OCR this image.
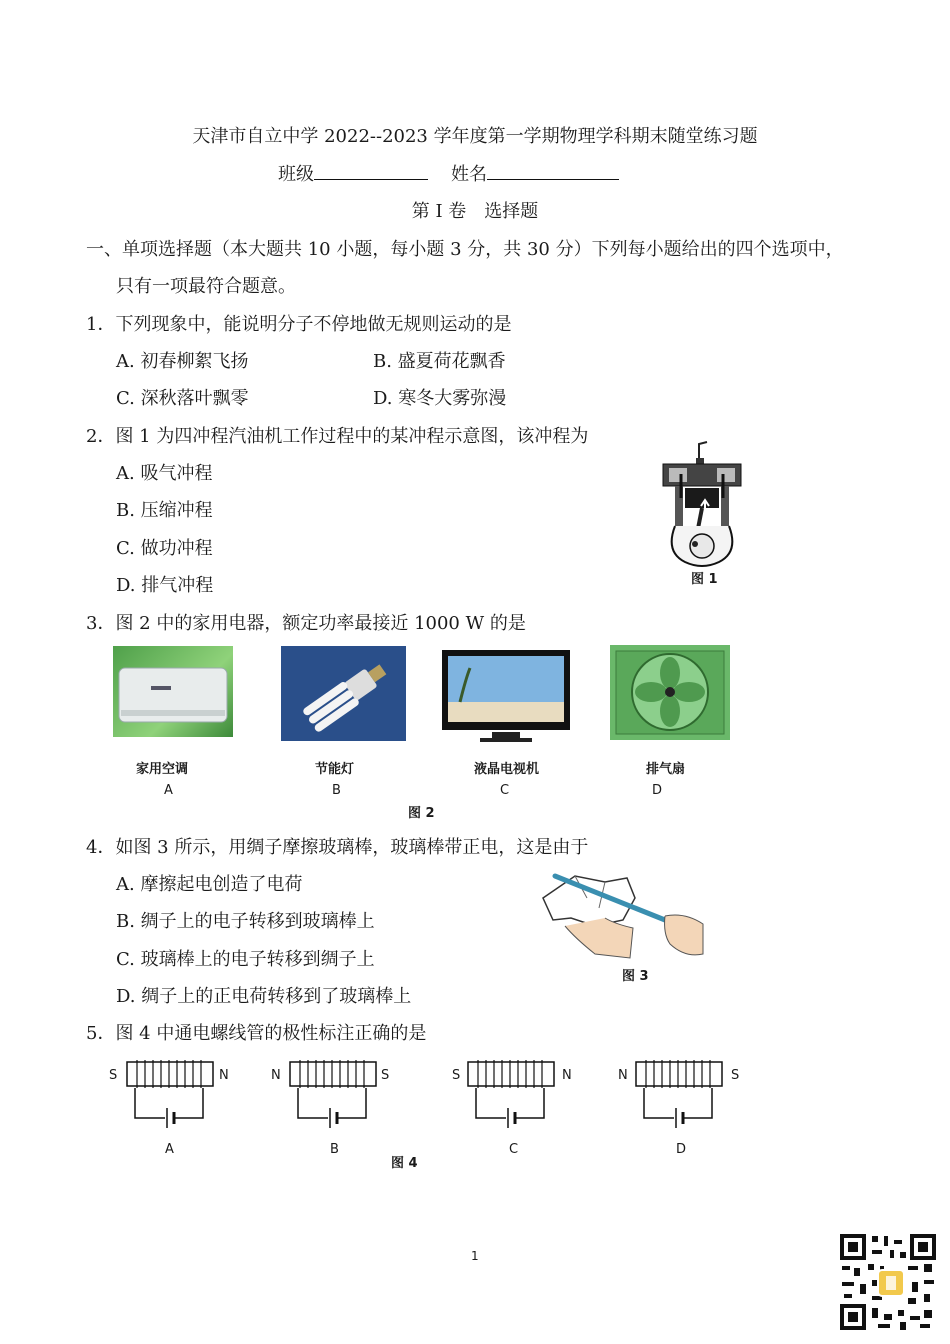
天津市自立中学 2022--2023 学年度第一学期物理学科期末随堂练习题
班级	姓名
第 I 卷　选择题
一、单项选择题（本大题共 10 小题，每小题 3 分，共 30 分）下列每小题给出的四个选项中，
只有一项最符合题意。
1．下列现象中，能说明分子不停地做无规则运动的是
A. 初春柳絮飞扬	B. 盛夏荷花飘香
C. 深秋落叶飘零	D. 寒冬大雾弥漫
2．图 1 为四冲程汽油机工作过程中的某冲程示意图，该冲程为
A. 吸气冲程
B. 压缩冲程
C. 做功冲程
D. 排气冲程	图 1
3．图 2 中的家用电器，额定功率最接近 1000 W 的是
家用空调	节能灯	液晶电视机	排气扇
A	B	C	D
图 2
4．如图 3 所示，用绸子摩擦玻璃棒，玻璃棒带正电，这是由于
A. 摩擦起电创造了电荷
B. 绸子上的电子转移到玻璃棒上
C. 玻璃棒上的电子转移到绸子上
D. 绸子上的正电荷转移到了玻璃棒上
图 3
5．图 4 中通电螺线管的极性标注正确的是
S	N	N	S	S	N	N	S
A	B	C	D
图 4
1
